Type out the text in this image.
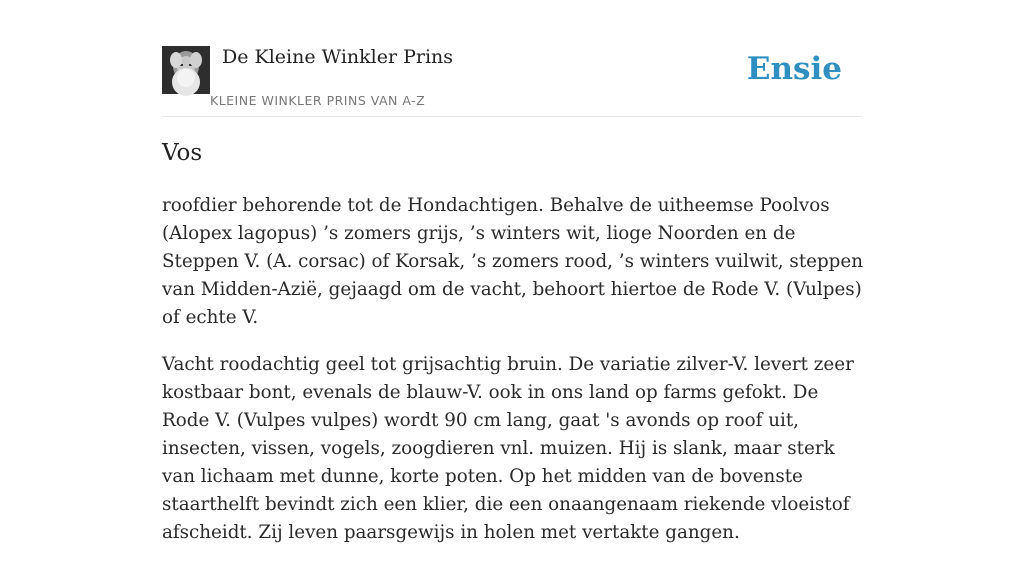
De Kleine Winkler Prins
KLEINE WINKLER PRINS VAN A-Z
Ensie
Vos

roofdier behorende tot de Hondachtigen. Behalve de uitheemse Poolvos (Alopex lagopus) ’s zomers grijs, ’s winters wit, lioge Noorden en de Steppen V. (A. corsac) of Korsak, ’s zomers rood, ’s winters vuilwit, steppen van Midden-Azië, gejaagd om de vacht, behoort hiertoe de Rode V. (Vulpes) of echte V.

Vacht roodachtig geel tot grijsachtig bruin. De variatie zilver-V. levert zeer kostbaar bont, evenals de blauw-V. ook in ons land op farms gefokt. De Rode V. (Vulpes vulpes) wordt 90 cm lang, gaat 's avonds op roof uit, insecten, vissen, vogels, zoogdieren vnl. muizen. Hij is slank, maar sterk van lichaam met dunne, korte poten. Op het midden van de bovenste staarthelft bevindt zich een klier, die een onaangenaam riekende vloeistof afscheidt. Zij leven paarsgewijs in holen met vertakte gangen.
